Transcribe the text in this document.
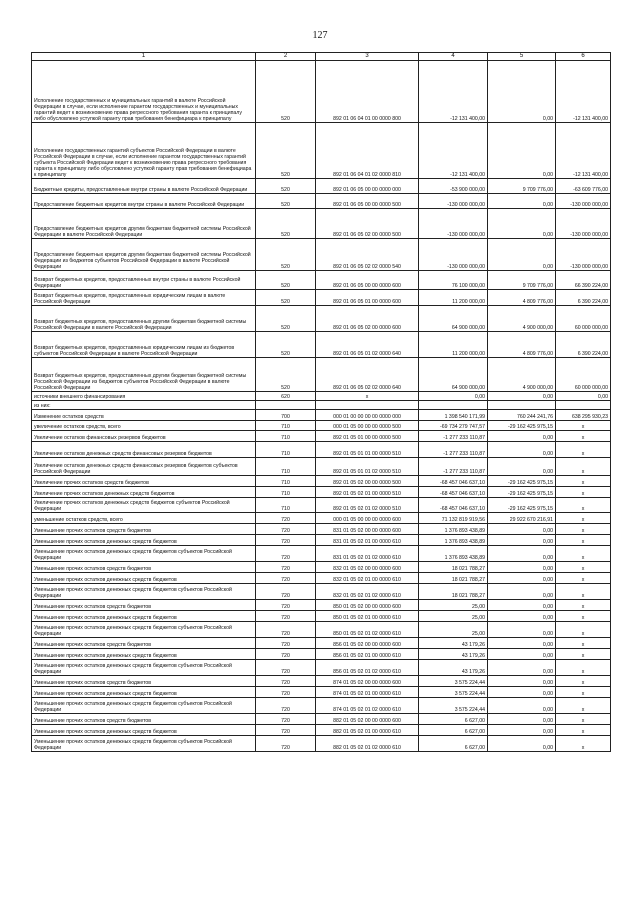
127
1	2	3	4	5	6
Исполнение государственных и муниципальных гарантий в валюте Российской Федерации в случае, если исполнение гарантом государственных и муниципальных гарантий ведет к возникновению права регрессного требования гаранта к принципалу либо обусловлено уступкой гаранту прав требования бенефициара к принципалу	520	892 01 06 04 01 00 0000 800	-12 131 400,00	0,00	-12 131 400,00
Исполнение государственных гарантий субъектов Российской Федерации в валюте Российской Федерации в случае, если исполнение гарантом государственных гарантий субъекта Российской Федерации ведет к возникновению права регрессного требования гаранта к принципалу либо обусловлено уступкой гаранту прав требования бенефициара к принципалу	520	892 01 06 04 01 02 0000 810	-12 131 400,00	0,00	-12 131 400,00
Бюджетные кредиты, предоставленные внутри страны в валюте Российской Федерации	520	892 01 06 05 00 00 0000 000	-53 900 000,00	9 709 776,00	-63 609 776,00
Предоставление бюджетных кредитов внутри страны в валюте Российской Федерации	520	892 01 06 05 00 00 0000 500	-130 000 000,00	0,00	-130 000 000,00
Предоставление бюджетных кредитов другим бюджетам бюджетной системы Российской Федерации в валюте Российской Федерации	520	892 01 06 05 02 00 0000 500	-130 000 000,00	0,00	-130 000 000,00
Предоставление бюджетных кредитов другим бюджетам бюджетной системы Российской Федерации из бюджетов субъектов Российской Федерации в валюте Российской Федерации	520	892 01 06 05 02 02 0000 540	-130 000 000,00	0,00	-130 000 000,00
Возврат бюджетных кредитов, предоставленных внутри страны в валюте Российской Федерации	520	892 01 06 05 00 00 0000 600	76 100 000,00	9 709 776,00	66 390 224,00
Возврат бюджетных кредитов, предоставленных юридическим лицам в валюте Российской Федерации	520	892 01 06 05 01 00 0000 600	11 200 000,00	4 809 776,00	6 390 224,00
Возврат бюджетных кредитов, предоставленных другим бюджетам бюджетной системы Российской Федерации в валюте Российской Федерации	520	892 01 06 05 02 00 0000 600	64 900 000,00	4 900 000,00	60 000 000,00
Возврат бюджетных кредитов, предоставленных юридическим лицам из бюджетов субъектов Российской Федерации в валюте Российской Федерации	520	892 01 06 05 01 02 0000 640	11 200 000,00	4 809 776,00	6 390 224,00
Возврат бюджетных кредитов, предоставленных другим бюджетам бюджетной системы Российской Федерации из бюджетов субъектов Российской Федерации в валюте Российской Федерации	520	892 01 06 05 02 02 0000 640	64 900 000,00	4 900 000,00	60 000 000,00
источники внешнего финансирования	620	x	0,00	0,00	0,00
из них:					
Изменение остатков средств	700	000 01 00 00 00 00 0000 000	1 398 540 171,99	760 244 241,76	638 295 930,23
увеличение остатков средств, всего	710	000 01 05 00 00 00 0000 500	-69 734 279 747,57	-29 162 425 975,15	x
Увеличение остатков финансовых резервов бюджетов	710	892 01 05 01 00 00 0000 500	-1 277 233 110,87	0,00	x
Увеличение остатков денежных средств финансовых резервов бюджетов	710	892 01 05 01 01 00 0000 510	-1 277 233 110,87	0,00	x
Увеличение остатков денежных средств финансовых резервов бюджетов субъектов Российской Федерации	710	892 01 05 01 01 02 0000 510	-1 277 233 110,87	0,00	x
Увеличение прочих остатков средств бюджетов	710	892 01 05 02 00 00 0000 500	-68 457 046 637,10	-29 162 425 975,15	x
Увеличение прочих остатков денежных средств бюджетов	710	892 01 05 02 01 00 0000 510	-68 457 046 637,10	-29 162 425 975,15	x
Увеличение прочих остатков денежных средств бюджетов субъектов Российской Федерации	710	892 01 05 02 01 02 0000 510	-68 457 046 637,10	-29 162 425 975,15	x
уменьшение остатков средств, всего	720	000 01 05 00 00 00 0000 600	71 132 819 919,56	29 922 670 216,91	x
Уменьшение прочих остатков средств бюджетов	720	831 01 05 02 00 00 0000 600	1 376 893 438,89	0,00	x
Уменьшение прочих остатков денежных средств бюджетов	720	831 01 05 02 01 00 0000 610	1 376 893 438,89	0,00	x
Уменьшение прочих остатков денежных средств бюджетов субъектов Российской Федерации	720	831 01 05 02 01 02 0000 610	1 376 893 438,89	0,00	x
Уменьшение прочих остатков средств бюджетов	720	832 01 05 02 00 00 0000 600	18 021 788,27	0,00	x
Уменьшение прочих остатков денежных средств бюджетов	720	832 01 05 02 01 00 0000 610	18 021 788,27	0,00	x
Уменьшение прочих остатков денежных средств бюджетов субъектов Российской Федерации	720	832 01 05 02 01 02 0000 610	18 021 788,27	0,00	x
Уменьшение прочих остатков средств бюджетов	720	850 01 05 02 00 00 0000 600	25,00	0,00	x
Уменьшение прочих остатков денежных средств бюджетов	720	850 01 05 02 01 00 0000 610	25,00	0,00	x
Уменьшение прочих остатков денежных средств бюджетов субъектов Российской Федерации	720	850 01 05 02 01 02 0000 610	25,00	0,00	x
Уменьшение прочих остатков средств бюджетов	720	856 01 05 02 00 00 0000 600	43 179,26	0,00	x
Уменьшение прочих остатков денежных средств бюджетов	720	856 01 05 02 01 00 0000 610	43 179,26	0,00	x
Уменьшение прочих остатков денежных средств бюджетов субъектов Российской Федерации	720	856 01 05 02 01 02 0000 610	43 179,26	0,00	x
Уменьшение прочих остатков средств бюджетов	720	874 01 05 02 00 00 0000 600	3 575 224,44	0,00	x
Уменьшение прочих остатков денежных средств бюджетов	720	874 01 05 02 01 00 0000 610	3 575 224,44	0,00	x
Уменьшение прочих остатков денежных средств бюджетов субъектов Российской Федерации	720	874 01 05 02 01 02 0000 610	3 575 224,44	0,00	x
Уменьшение прочих остатков средств бюджетов	720	882 01 05 02 00 00 0000 600	6 627,00	0,00	x
Уменьшение прочих остатков денежных средств бюджетов	720	882 01 05 02 01 00 0000 610	6 627,00	0,00	x
Уменьшение прочих остатков денежных средств бюджетов субъектов Российской Федерации	720	882 01 05 02 01 02 0000 610	6 627,00	0,00	x
